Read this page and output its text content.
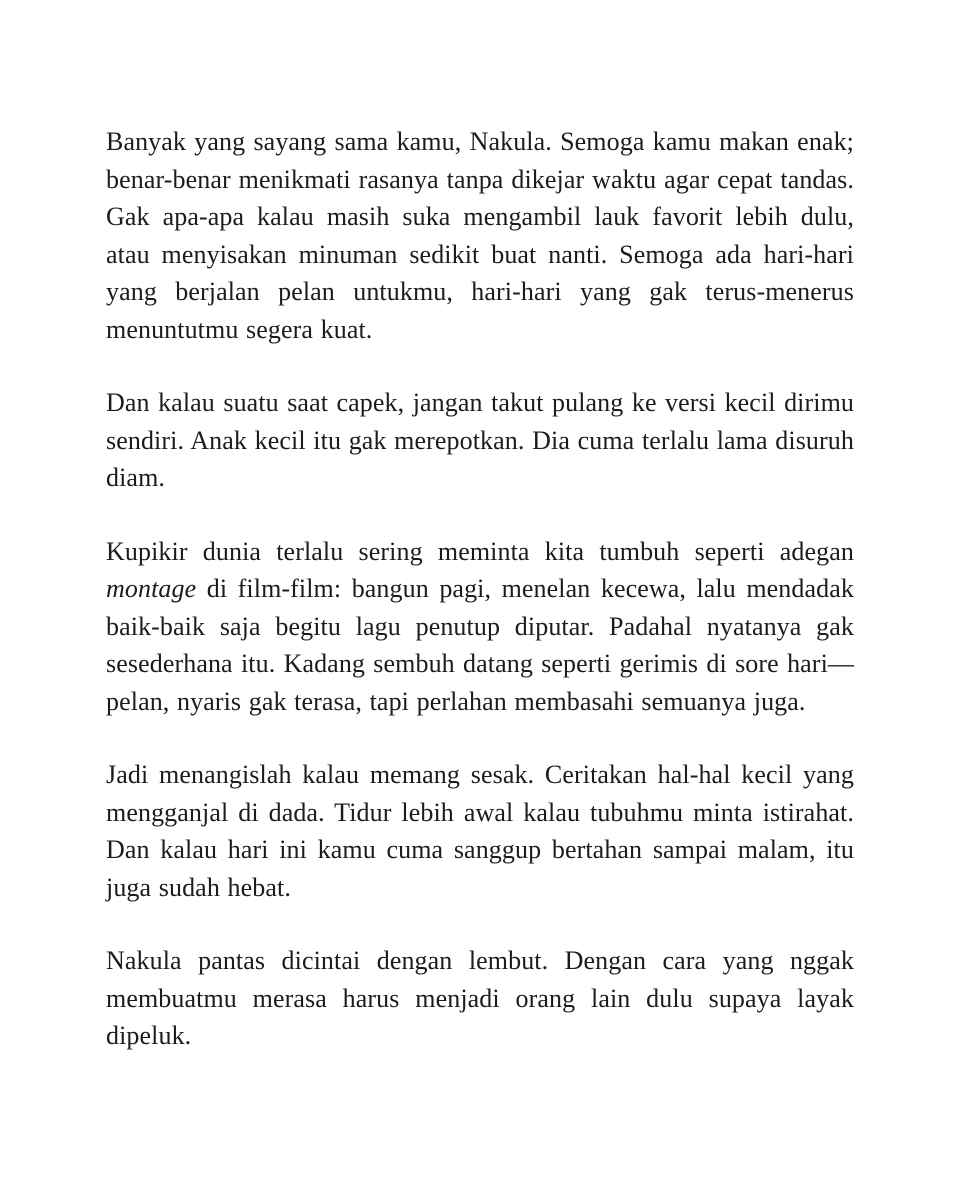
Banyak yang sayang sama kamu, Nakula. Semoga kamu makan enak; benar-benar menikmati rasanya tanpa dikejar waktu agar cepat tandas. Gak apa-apa kalau masih suka mengambil lauk favorit lebih dulu, atau menyisakan minuman sedikit buat nanti. Semoga ada hari-hari yang berjalan pelan untukmu, hari-hari yang gak terus-menerus menuntutmu segera kuat.

Dan kalau suatu saat capek, jangan takut pulang ke versi kecil dirimu sendiri. Anak kecil itu gak merepotkan. Dia cuma terlalu lama disuruh diam.

Kupikir dunia terlalu sering meminta kita tumbuh seperti adegan montage di film-film: bangun pagi, menelan kecewa, lalu mendadak baik-baik saja begitu lagu penutup diputar. Padahal nyatanya gak sesederhana itu. Kadang sembuh datang seperti gerimis di sore hari—pelan, nyaris gak terasa, tapi perlahan membasahi semuanya juga.

Jadi menangislah kalau memang sesak. Ceritakan hal-hal kecil yang mengganjal di dada. Tidur lebih awal kalau tubuhmu minta istirahat. Dan kalau hari ini kamu cuma sanggup bertahan sampai malam, itu juga sudah hebat.

Nakula pantas dicintai dengan lembut. Dengan cara yang nggak membuatmu merasa harus menjadi orang lain dulu supaya layak dipeluk.
